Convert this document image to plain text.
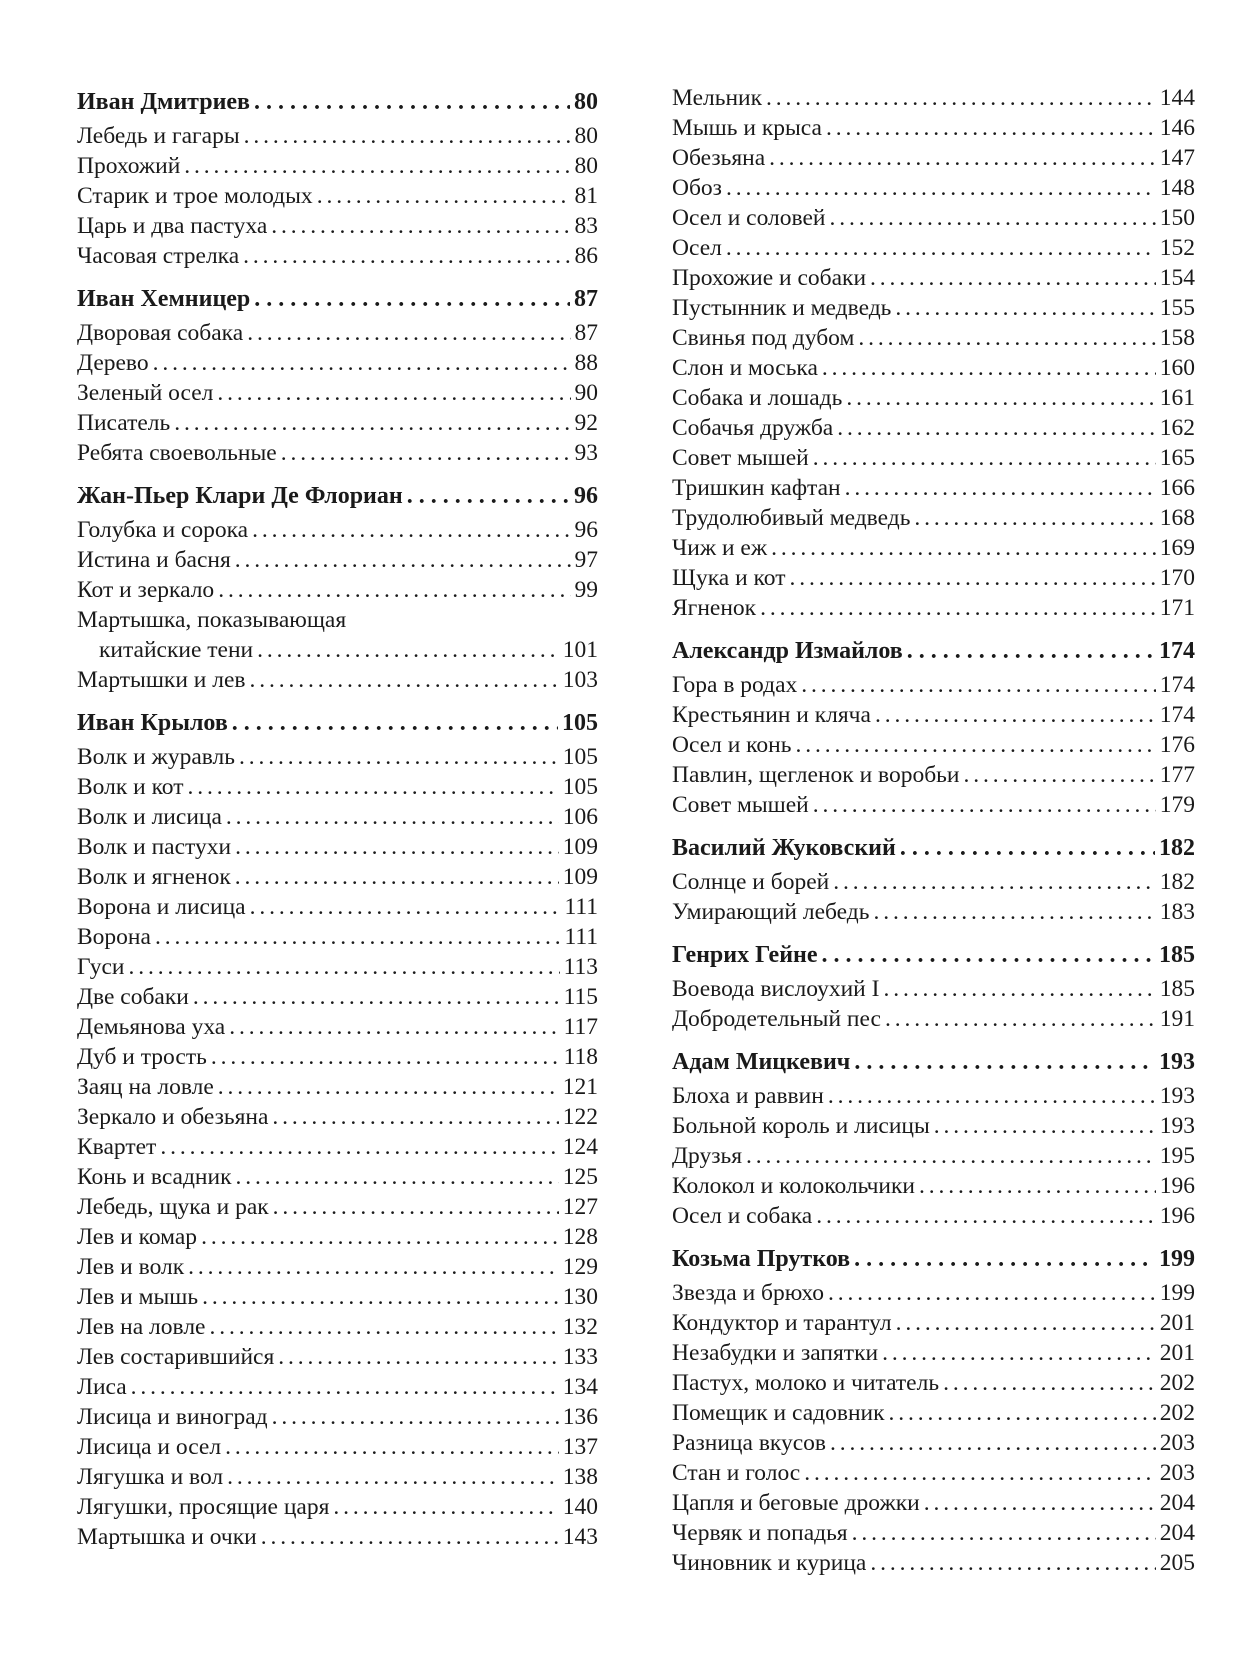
Иван Дмитриев . . .	80
Лебедь и гагары . . .	80
Прохожий . . .	80
Старик и трое молодых . . .	81
Царь и два пастуха . . .	83
Часовая стрелка . . .	86
Иван Хемницер . . .	87
Дворовая собака . . .	87
Дерево . . .	88
Зеленый осел . . .	90
Писатель . . .	92
Ребята своевольные . . .	93
Жан-Пьер Клари Де Флориан . . .	96
Голубка и сорока . . .	96
Истина и басня . . .	97
Кот и зеркало . . .	99
Мартышка, показывающая
китайские тени . . .	101
Мартышки и лев . . .	103
Иван Крылов . . .	105
Волк и журавль . . .	105
Волк и кот . . .	105
Волк и лисица . . .	106
Волк и пастухи . . .	109
Волк и ягненок . . .	109
Ворона и лисица . . .	111
Ворона . . .	111
Гуси . . .	113
Две собаки . . .	115
Демьянова уха . . .	117
Дуб и трость . . .	118
Заяц на ловле . . .	121
Зеркало и обезьяна . . .	122
Квартет . . .	124
Конь и всадник . . .	125
Лебедь, щука и рак . . .	127
Лев и комар . . .	128
Лев и волк . . .	129
Лев и мышь . . .	130
Лев на ловле . . .	132
Лев состарившийся . . .	133
Лиса . . .	134
Лисица и виноград . . .	136
Лисица и осел . . .	137
Лягушка и вол . . .	138
Лягушки, просящие царя . . .	140
Мартышка и очки . . .	143
Мельник . . .	144
Мышь и крыса . . .	146
Обезьяна . . .	147
Обоз . . .	148
Осел и соловей . . .	150
Осел . . .	152
Прохожие и собаки . . .	154
Пустынник и медведь . . .	155
Свинья под дубом . . .	158
Слон и моська . . .	160
Собака и лошадь . . .	161
Собачья дружба . . .	162
Совет мышей . . .	165
Тришкин кафтан . . .	166
Трудолюбивый медведь . . .	168
Чиж и еж . . .	169
Щука и кот . . .	170
Ягненок . . .	171
Александр Измайлов . . .	174
Гора в родах . . .	174
Крестьянин и кляча . . .	174
Осел и конь . . .	176
Павлин, щегленок и воробьи . . .	177
Совет мышей . . .	179
Василий Жуковский . . .	182
Солнце и борей . . .	182
Умирающий лебедь . . .	183
Генрих Гейне . . .	185
Воевода вислоухий I . . .	185
Добродетельный пес . . .	191
Адам Мицкевич . . .	193
Блоха и раввин . . .	193
Больной король и лисицы . . .	193
Друзья . . .	195
Колокол и колокольчики . . .	196
Осел и собака . . .	196
Козьма Прутков . . .	199
Звезда и брюхо . . .	199
Кондуктор и тарантул . . .	201
Незабудки и запятки . . .	201
Пастух, молоко и читатель . . .	202
Помещик и садовник . . .	202
Разница вкусов . . .	203
Стан и голос . . .	203
Цапля и беговые дрожки . . .	204
Червяк и попадья . . .	204
Чиновник и курица . . .	205
